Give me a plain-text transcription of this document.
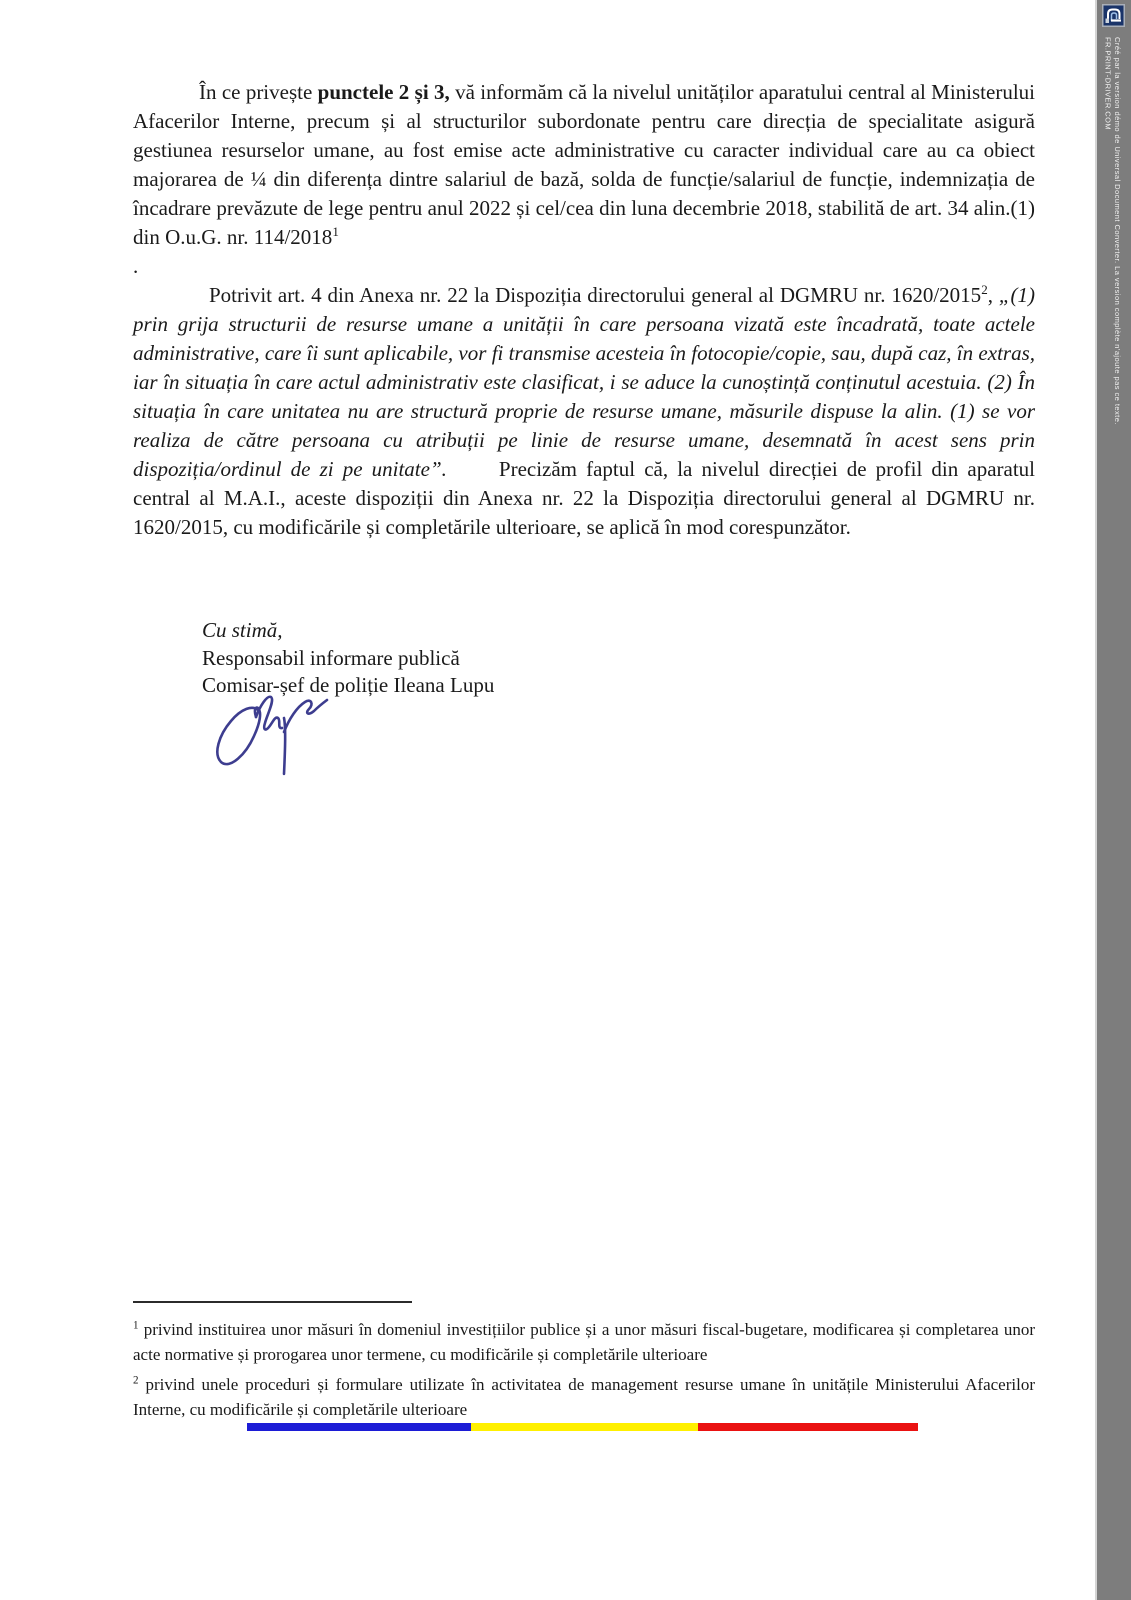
În ce privește punctele 2 și 3, vă informăm că la nivelul unităților aparatului central al Ministerului Afacerilor Interne, precum și al structurilor subordonate pentru care direcția de specialitate asigură gestiunea resurselor umane, au fost emise acte administrative cu caracter individual care au ca obiect majorarea de ¼ din diferența dintre salariul de bază, solda de funcție/salariul de funcție, indemnizația de încadrare prevăzute de lege pentru anul 2022 și cel/cea din luna decembrie 2018, stabilită de art. 34 alin.(1) din O.u.G. nr. 114/2018$^1$

.

Potrivit art. 4 din Anexa nr. 22 la Dispoziția directorului general al DGMRU nr. 1620/2015$^2$, „(1) prin grija structurii de resurse umane a unității în care persoana vizată este încadrată, toate actele administrative, care îi sunt aplicabile, vor fi transmise acesteia în fotocopie/copie, sau, după caz, în extras, iar în situația în care actul administrativ este clasificat, i se aduce la cunoștință conținutul acestuia. (2) În situația în care unitatea nu are structură proprie de resurse umane, măsurile dispuse la alin. (1) se vor realiza de către persoana cu atribuții pe linie de resurse umane, desemnată în acest sens prin dispoziția/ordinul de zi pe unitate”. Precizăm faptul că, la nivelul direcției de profil din aparatul central al M.A.I., aceste dispoziții din Anexa nr. 22 la Dispoziția directorului general al DGMRU nr. 1620/2015, cu modificările și completările ulterioare, se aplică în mod corespunzător.

Cu stimă,
Responsabil informare publică
Comisar-șef de poliție Ileana Lupu
$^1$ privind instituirea unor măsuri în domeniul investițiilor publice și a unor măsuri fiscal-bugetare, modificarea și completarea unor acte normative și prorogarea unor termene, cu modificările și completările ulterioare
$^2$ privind unele proceduri și formulare utilizate în activitatea de management resurse umane în unitățile Ministerului Afacerilor Interne, cu modificările și completările ulterioare
Créé par la version démo de Universal Document Converter. La version complète n'ajoute pas ce texte.
FR.PRINT-DRIVER.COM
